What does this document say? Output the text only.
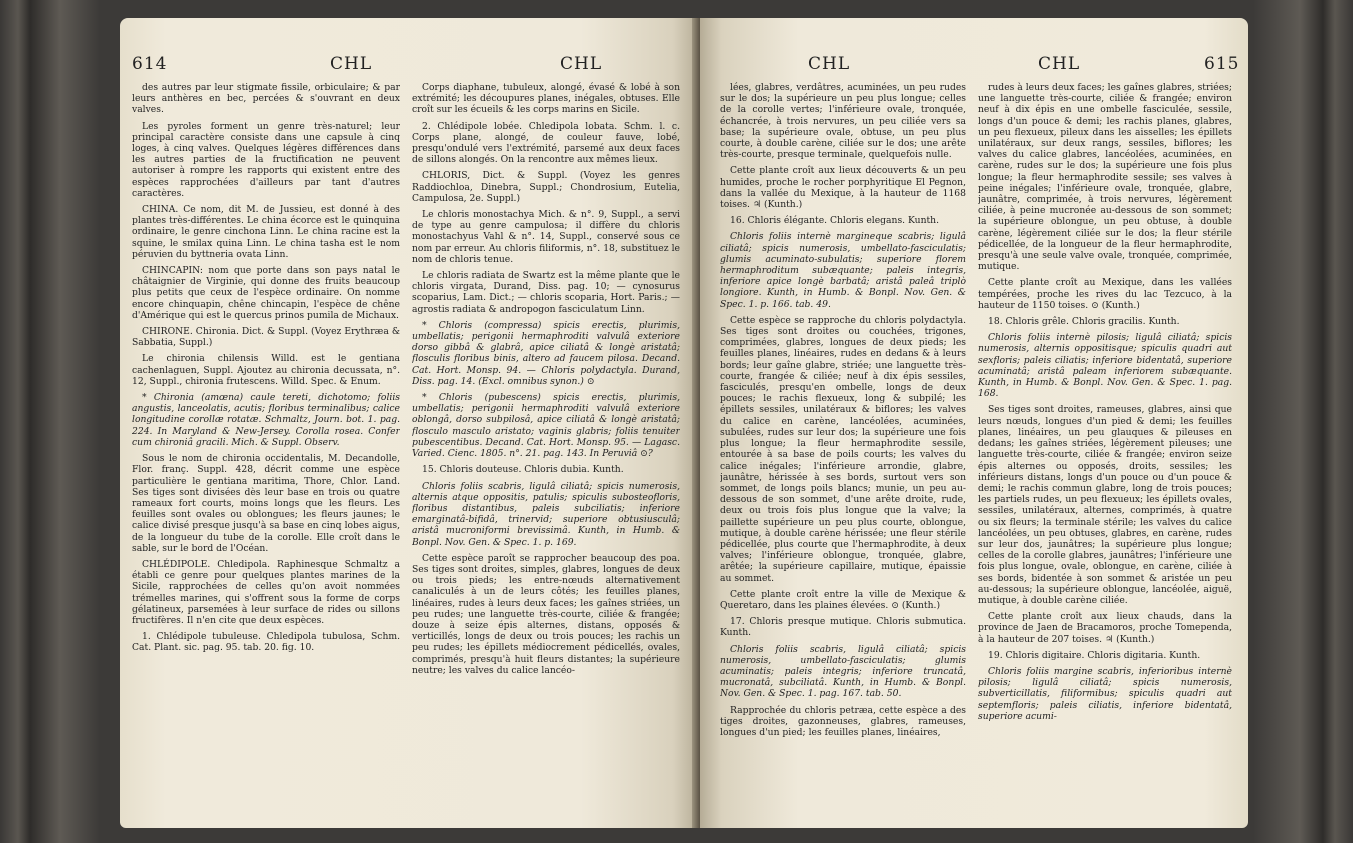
614	CHL	CHL

des autres par leur stigmate fissile, orbiculaire; & par leurs anthères en bec, percées & s'ouvrant en deux valves.

Les pyroles forment un genre très-naturel; leur principal caractère consiste dans une capsule à cinq loges, à cinq valves. Quelques légères différences dans les autres parties de la fructification ne peuvent autoriser à rompre les rapports qui existent entre des espèces rapprochées d'ailleurs par tant d'autres caractères.

CHINA. Ce nom, dit M. de Jussieu, est donné à des plantes très-différentes. Le china écorce est le quinquina ordinaire, le genre cinchona Linn. Le china racine est la squine, le smilax quina Linn. Le china tasha est le nom péruvien du byttneria ovata Linn.

CHINCAPIN: nom que porte dans son pays natal le châtaignier de Virginie, qui donne des fruits beaucoup plus petits que ceux de l'espèce ordinaire. On nomme encore chinquapin, chêne chincapin, l'espèce de chêne d'Amérique qui est le quercus prinos pumila de Michaux.

CHIRONE. Chironia. Dict. & Suppl. (Voyez Erythræa & Sabbatia, Suppl.)

Le chironia chilensis Willd. est le gentiana cachenlaguen, Suppl. Ajoutez au chironia decussata, n°. 12, Suppl., chironia frutescens. Willd. Spec. & Enum.

* Chironia (amœna) caule tereti, dichotomo; foliis angustis, lanceolatis, acutis; floribus terminalibus; calice longitudine corollæ rotatæ. Schmaltz, Journ. bot. 1. pag. 224. In Maryland & New-Jersey. Corolla rosea. Confer cum chironiâ gracili. Mich. & Suppl. Observ.

Sous le nom de chironia occidentalis, M. Decandolle, Flor. franç. Suppl. 428, décrit comme une espèce particulière le gentiana maritima, Thore, Chlor. Land. Ses tiges sont divisées dès leur base en trois ou quatre rameaux fort courts, moins longs que les fleurs. Les feuilles sont ovales ou oblongues; les fleurs jaunes; le calice divisé presque jusqu'à sa base en cinq lobes aigus, de la longueur du tube de la corolle. Elle croît dans le sable, sur le bord de l'Océan.

CHLÉDIPOLE. Chledipola. Raphinesque Schmaltz a établi ce genre pour quelques plantes marines de la Sicile, rapprochées de celles qu'on avoit nommées trémelles marines, qui s'offrent sous la forme de corps gélatineux, parsemées à leur surface de rides ou sillons fructifères. Il n'en cite que deux espèces.

1. Chlédipole tubuleuse. Chledipola tubulosa, Schm. Cat. Plant. sic. pag. 95. tab. 20. fig. 10.

Corps diaphane, tubuleux, alongé, évasé & lobé à son extrémité; les découpures planes, inégales, obtuses. Elle croît sur les écueils & les corps marins en Sicile.

2. Chlédipole lobée. Chledipola lobata. Schm. l. c. Corps plane, alongé, de couleur fauve, lobé, presqu'ondulé vers l'extrémité, parsemé aux deux faces de sillons alongés. On la rencontre aux mêmes lieux.

CHLORIS, Dict. & Suppl. (Voyez les genres Raddiochloa, Dinebra, Suppl.; Chondrosium, Eutelia, Campulosa, 2e. Suppl.)

Le chloris monostachya Mich. & n°. 9, Suppl., a servi de type au genre campulosa; il diffère du chloris monostachyus Vahl & n°. 14, Suppl., conservé sous ce nom par erreur. Au chloris filiformis, n°. 18, substituez le nom de chloris tenue.

Le chloris radiata de Swartz est la même plante que le chloris virgata, Durand, Diss. pag. 10; — cynosurus scoparius, Lam. Dict.; — chloris scoparia, Hort. Paris.; — agrostis radiata & andropogon fasciculatum Linn.

* Chloris (compressa) spicis erectis, plurimis, umbellatis; perigonii hermaphroditi valvulâ exteriore dorso gibbâ & glabrâ, apice ciliatâ & longè aristatâ; flosculis floribus binis, altero ad faucem pilosa. Decand. Cat. Hort. Monsp. 94. — Chloris polydactyla. Durand, Diss. pag. 14. (Excl. omnibus synon.) ⊙

* Chloris (pubescens) spicis erectis, plurimis, umbellatis; perigonii hermaphroditi valvulâ exteriore oblongâ, dorso subpilosâ, apice ciliatâ & longè aristatâ; flosculo masculo aristato; vaginis glabris; foliis tenuiter pubescentibus. Decand. Cat. Hort. Monsp. 95. — Lagasc. Varied. Cienc. 1805. n°. 21. pag. 143. In Peruviâ ⊙?

15. Chloris douteuse. Chloris dubia. Kunth.

Chloris foliis scabris, ligulâ ciliatâ; spicis numerosis, alternis atque oppositis, patulis; spiculis subosteofloris, floribus distantibus, paleis subciliatis; inferiore emarginatâ-bifidâ, trinervid; superiore obtusiusculâ; aristâ mucroniformi brevissimâ. Kunth, in Humb. & Bonpl. Nov. Gen. & Spec. 1. p. 169.

Cette espèce paroît se rapprocher beaucoup des poa. Ses tiges sont droites, simples, glabres, longues de deux ou trois pieds; les entre-nœuds alternativement canaliculés à un de leurs côtés; les feuilles planes, linéaires, rudes à leurs deux faces; les gaînes striées, un peu rudes; une languette très-courte, ciliée & frangée; douze à seize épis alternes, distans, opposés & verticillés, longs de deux ou trois pouces; les rachis un peu rudes; les épillets médiocrement pédicellés, ovales, comprimés, presqu'à huit fleurs distantes; la supérieure neutre; les valves du calice lancéo-

CHL	CHL	615

lées, glabres, verdâtres, acuminées, un peu rudes sur le dos; la supérieure un peu plus longue; celles de la corolle vertes; l'inférieure ovale, tronquée, échancrée, à trois nervures, un peu ciliée vers sa base; la supérieure ovale, obtuse, un peu plus courte, à double carène, ciliée sur le dos; une arête très-courte, presque terminale, quelquefois nulle.

Cette plante croît aux lieux découverts & un peu humides, proche le rocher porphyritique El Pegnon, dans la vallée du Mexique, à la hauteur de 1168 toises. ♃ (Kunth.)

16. Chloris élégante. Chloris elegans. Kunth.

Chloris foliis internè margineque scabris; ligulâ ciliatâ; spicis numerosis, umbellato-fasciculatis; glumis acuminato-subulatis; superiore florem hermaphroditum subæquante; paleis integris, inferiore apice longè barbatâ; aristâ paleâ triplò longiore. Kunth, in Humb. & Bonpl. Nov. Gen. & Spec. 1. p. 166. tab. 49.

Cette espèce se rapproche du chloris polydactyla. Ses tiges sont droites ou couchées, trigones, comprimées, glabres, longues de deux pieds; les feuilles planes, linéaires, rudes en dedans & à leurs bords; leur gaîne glabre, striée; une languette très-courte, frangée & ciliée; neuf à dix épis sessiles, fasciculés, presqu'en ombelle, longs de deux pouces; le rachis flexueux, long & subpilé; les épillets sessiles, unilatéraux & biflores; les valves du calice en carène, lancéolées, acuminées, subulées, rudes sur leur dos; la supérieure une fois plus longue; la fleur hermaphrodite sessile, entourée à sa base de poils courts; les valves du calice inégales; l'inférieure arrondie, glabre, jaunâtre, hérissée à ses bords, surtout vers son sommet, de longs poils blancs; munie, un peu au-dessous de son sommet, d'une arête droite, rude, deux ou trois fois plus longue que la valve; la paillette supérieure un peu plus courte, oblongue, mutique, à double carène hérissée; une fleur stérile pédicellée, plus courte que l'hermaphrodite, à deux valves; l'inférieure oblongue, tronquée, glabre, arêtée; la supérieure capillaire, mutique, épaissie au sommet.

Cette plante croît entre la ville de Mexique & Queretaro, dans les plaines élevées. ⊙ (Kunth.)

17. Chloris presque mutique. Chloris submutica. Kunth.

Chloris foliis scabris, ligulâ ciliatâ; spicis numerosis, umbellato-fasciculatis; glumis acuminatis; paleis integris; inferiore truncatâ, mucronatâ, subciliatâ. Kunth, in Humb. & Bonpl. Nov. Gen. & Spec. 1. pag. 167. tab. 50.

Rapprochée du chloris petræa, cette espèce a des tiges droites, gazonneuses, glabres, rameuses, longues d'un pied; les feuilles planes, linéaires,

rudes à leurs deux faces; les gaînes glabres, striées; une languette très-courte, ciliée & frangée; environ neuf à dix épis en une ombelle fasciculée, sessile, longs d'un pouce & demi; les rachis planes, glabres, un peu flexueux, pileux dans les aisselles; les épillets unilatéraux, sur deux rangs, sessiles, biflores; les valves du calice glabres, lancéolées, acuminées, en carène, rudes sur le dos; la supérieure une fois plus longue; la fleur hermaphrodite sessile; ses valves à peine inégales; l'inférieure ovale, tronquée, glabre, jaunâtre, comprimée, à trois nervures, légèrement ciliée, à peine mucronée au-dessous de son sommet; la supérieure oblongue, un peu obtuse, à double carène, légèrement ciliée sur le dos; la fleur stérile pédicellée, de la longueur de la fleur hermaphrodite, presqu'à une seule valve ovale, tronquée, comprimée, mutique.

Cette plante croît au Mexique, dans les vallées tempérées, proche les rives du lac Tezcuco, à la hauteur de 1150 toises. ⊙ (Kunth.)

18. Chloris grêle. Chloris gracilis. Kunth.

Chloris foliis internè pilosis; ligulâ ciliatâ; spicis numerosis, alternis oppositisque; spiculis quadri aut sexfloris; paleis ciliatis; inferiore bidentatâ, superiore acuminatâ; aristâ paleam inferiorem subæquante. Kunth, in Humb. & Bonpl. Nov. Gen. & Spec. 1. pag. 168.

Ses tiges sont droites, rameuses, glabres, ainsi que leurs nœuds, longues d'un pied & demi; les feuilles planes, linéaires, un peu glauques & pileuses en dedans; les gaînes striées, légèrement pileuses; une languette très-courte, ciliée & frangée; environ seize épis alternes ou opposés, droits, sessiles; les inférieurs distans, longs d'un pouce ou d'un pouce & demi; le rachis commun glabre, long de trois pouces; les partiels rudes, un peu flexueux; les épillets ovales, sessiles, unilatéraux, alternes, comprimés, à quatre ou six fleurs; la terminale stérile; les valves du calice lancéolées, un peu obtuses, glabres, en carène, rudes sur leur dos, jaunâtres; la supérieure plus longue; celles de la corolle glabres, jaunâtres; l'inférieure une fois plus longue, ovale, oblongue, en carène, ciliée à ses bords, bidentée à son sommet & aristée un peu au-dessous; la supérieure oblongue, lancéolée, aiguë, mutique, à double carène ciliée.

Cette plante croît aux lieux chauds, dans la province de Jaen de Bracamoros, proche Tomependa, à la hauteur de 207 toises. ♃ (Kunth.)

19. Chloris digitaire. Chloris digitaria. Kunth.

Chloris foliis margine scabris, inferioribus internè pilosis; ligulâ ciliatâ; spicis numerosis, subverticillatis, filiformibus; spiculis quadri aut septemfloris; paleis ciliatis, inferiore bidentatâ, superiore acumi-
